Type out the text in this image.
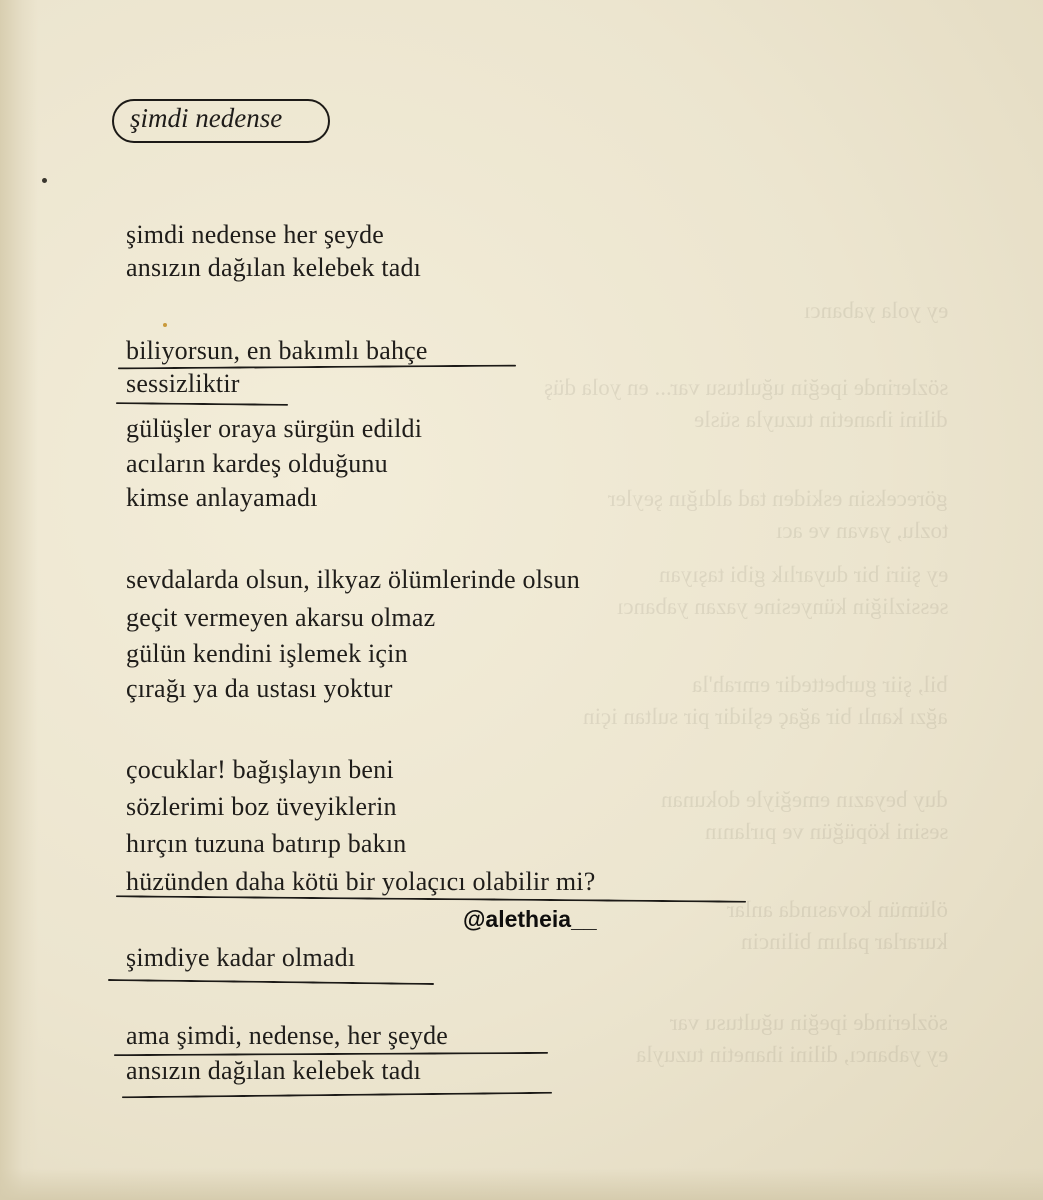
ey yola yabancı
sözlerinde ipeğin uğultusu var... en yola düş
dilini ihanetin tuzuyla süsle
göreceksin eskiden tad aldığın şeyler
tozlu, yavan ve acı
ey şiiri bir duyarlık gibi taşıyan
sessizliğin künyesine yazan yabancı
bil, şiir gurbettedir emrah'la
ağzı kanlı bir ağaç eşlidir pir sultan için
duy beyazın emeğiyle dokunan
sesini köpüğün ve pırlanın
ölümün kovasında anlar
kurarlar palım bilincin
sözlerinde ipeğin uğultusu var
ey yabancı, dilini ihanetin tuzuyla
şimdi nedense
şimdi nedense her şeyde
ansızın dağılan kelebek tadı
biliyorsun, en bakımlı bahçe
sessizliktir
gülüşler oraya sürgün edildi
acıların kardeş olduğunu
kimse anlayamadı
sevdalarda olsun, ilkyaz ölümlerinde olsun
geçit vermeyen akarsu olmaz
gülün kendini işlemek için
çırağı ya da ustası yoktur
çocuklar! bağışlayın beni
sözlerimi boz üveyiklerin
hırçın tuzuna batırıp bakın
hüzünden daha kötü bir yolaçıcı olabilir mi?
şimdiye kadar olmadı
ama şimdi, nedense, her şeyde
ansızın dağılan kelebek tadı
@aletheia__
